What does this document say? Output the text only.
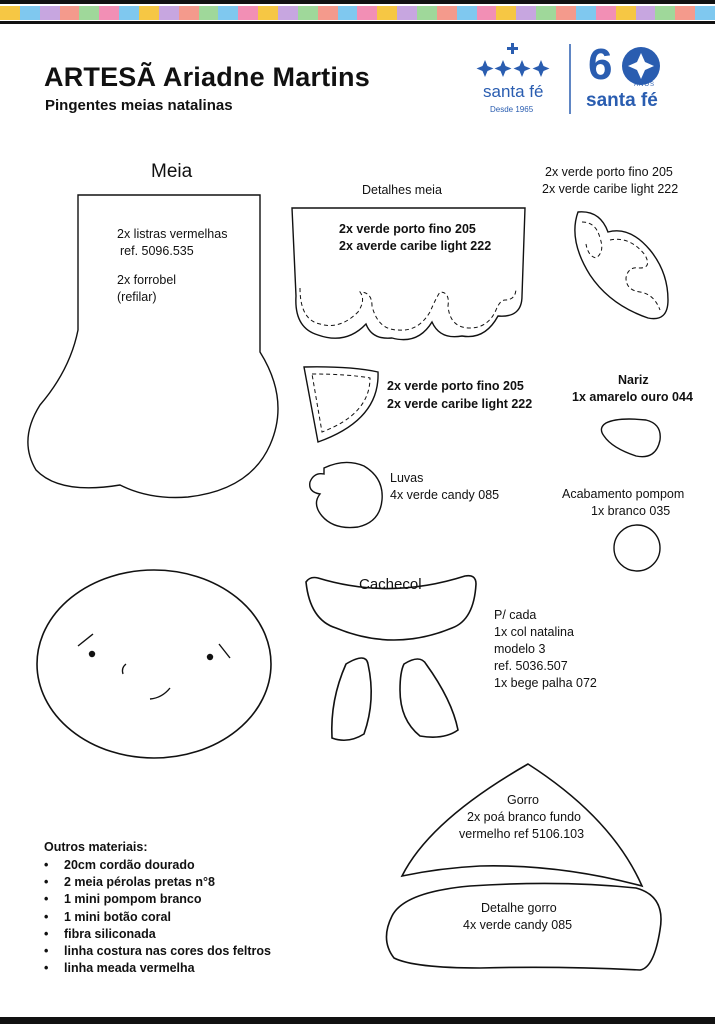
ARTESÃ Ariadne Martins
Pingentes meias natalinas
santa fé
Desde 1965
6	ANOS
santa fé
Meia
2x listras vermelhas
ref. 5096.535
2x forrobel
(refilar)
Detalhes meia
2x verde porto fino 205
2x averde caribe light 222
2x verde porto fino 205
2x verde caribe light 222
2x verde porto fino 205
2x verde caribe light 222
Nariz
1x amarelo ouro 044
Luvas
4x verde candy 085	Acabamento pompom
1x branco 035
Cachecol
P/ cada
1x col natalina
modelo 3
ref. 5036.507
1x bege palha 072
Gorro
2x poá branco fundo
vermelho ref 5106.103
Detalhe gorro
4x verde candy 085
Outros materiais:
• 20cm cordão dourado
• 2 meia pérolas pretas n°8
• 1 mini pompom branco
• 1 mini botão coral
• fibra siliconada
• linha costura nas cores dos feltros
• linha meada vermelha
